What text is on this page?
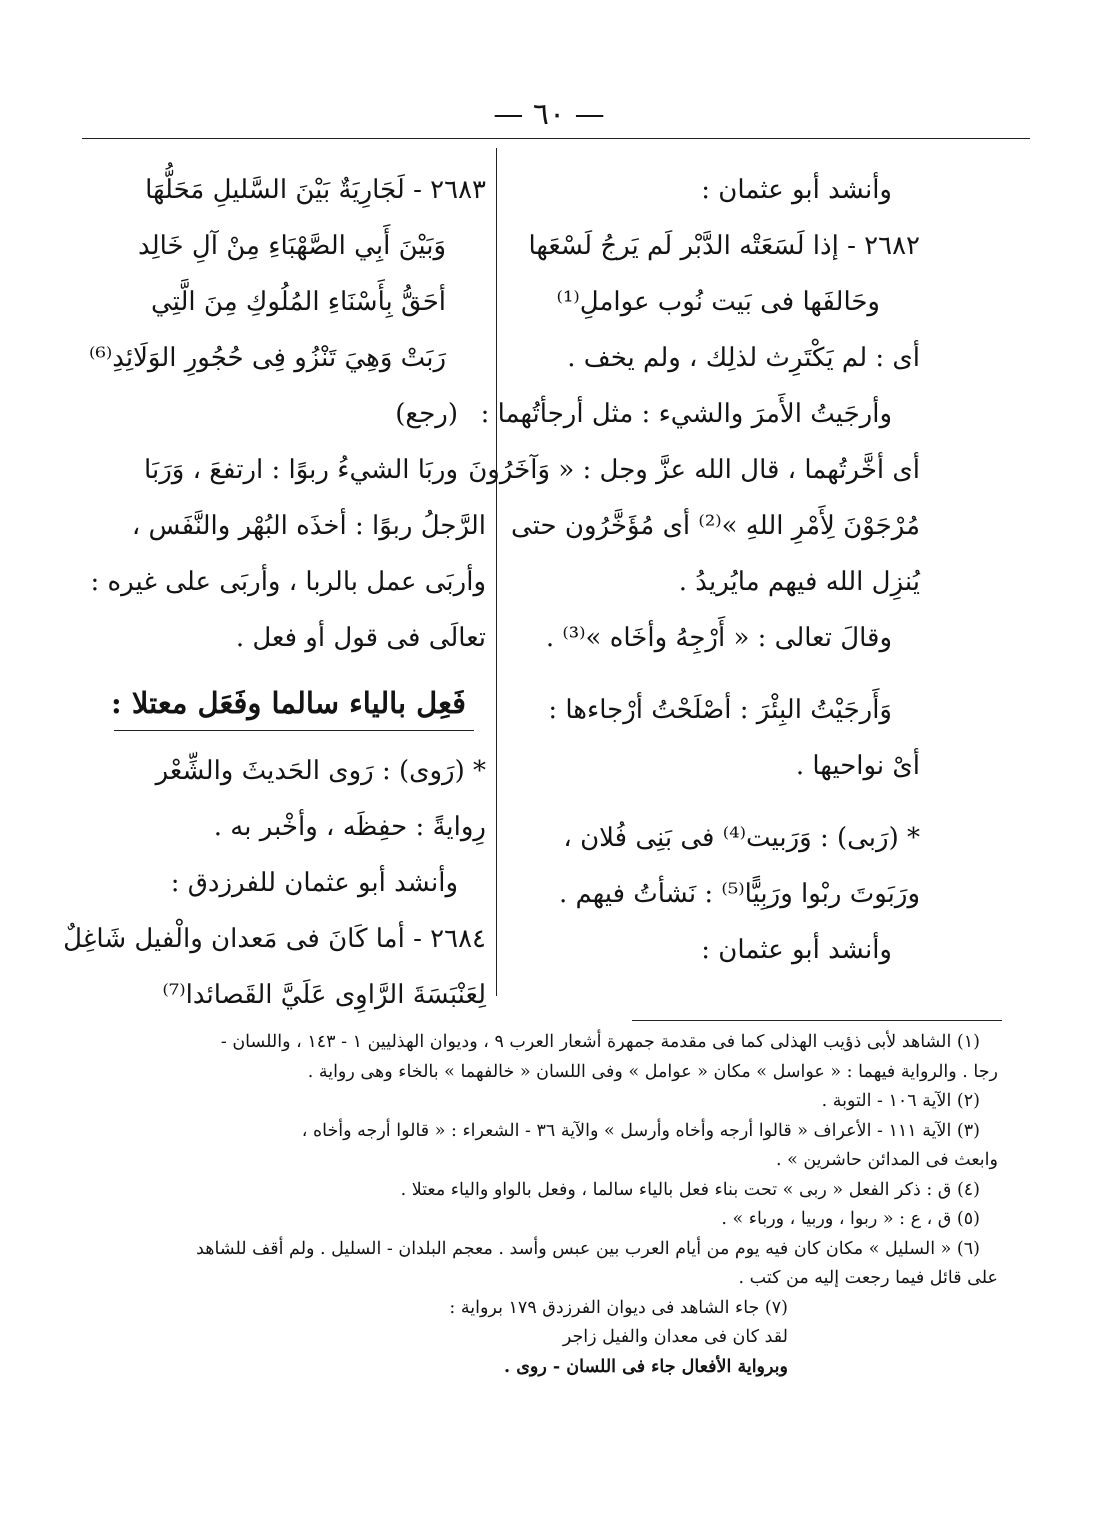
— ٦٠ —
وأنشد أبو عثمان :
٢٦٨٢ - إذا لَسَعَتْه الدَّبْر لَم يَرجُ لَسْعَها
وحَالفَها فى بَيت نُوب عواملِ⁽¹⁾
أى : لم يَكْتَرِث لذلِك ، ولم يخف .
وأرجَيتُ الأَمرَ والشيء : مثل أرجأتُهما :
أى أخَّرتُهما ، قال الله عزَّ وجل : « وَآخَرُونَ
مُرْجَوْنَ لِأَمْرِ اللهِ »⁽²⁾ أى مُؤَخَّرُون حتى
يُنزِل الله فيهم مايُريدُ .
وقالَ تعالى : « أَرْجِهُ وأخَاه »⁽³⁾ .
وَأَرجَيْتُ البِئْرَ : أصْلَحْتُ أرْجاءها :
أىْ نواحيها .
* (رَبى) : وَرَبيت⁽⁴⁾ فى بَنِى فُلان ،
ورَبَوتَ ربْوا ورَبِيًّا⁽⁵⁾ : نَشأتُ فيهم .
وأنشد أبو عثمان :
٢٦٨٣ - لَجَارِيَةٌ بَيْنَ السَّليلِ مَحَلُّهَا
وَبَيْنَ أَبِي الصَّهْبَاءِ مِنْ آلِ خَالِد
أحَقُّ بِأَسْنَاءِ المُلُوكِ مِنَ الَّتِي
رَبَتْ وَهِيَ تَنْزُو فِى حُجُورِ الوَلَائِدِ⁽⁶⁾
(رجع)
وربَا الشيءُ ربوًا : ارتفعَ ، وَرَبَا
الرَّجلُ ربوًا : أخذَه البُهْر والنَّفَس ،
وأربَى عمل بالربا ، وأربَى على غيره :
تعالَى فى قول أو فعل .
فَعِل بالياء سالما وفَعَل معتلا :
* (رَوى) : رَوى الحَديثَ والشِّعْر
رِوايةً : حفِظَه ، وأخْبر به .
وأنشد أبو عثمان للفرزدق :
٢٦٨٤ - أما كَانَ فى مَعدان والْفيل شَاغِلٌ
لِعَنْبَسَةَ الرَّاوِى عَلَيَّ القَصائدا⁽⁷⁾
(١) الشاهد لأبى ذؤيب الهذلى كما فى مقدمة جمهرة أشعار العرب ٩ ، وديوان الهذليين ١ - ١٤٣ ، واللسان -
رجا . والرواية فيهما : « عواسل » مكان « عوامل » وفى اللسان « خالفهما » بالخاء وهى رواية .
(٢) الآية ١٠٦ - التوبة .
(٣) الآية ١١١ - الأعراف « قالوا أرجه وأخاه وأرسل » والآية ٣٦ - الشعراء : « قالوا أرجه وأخاه ،
وابعث فى المدائن حاشرين » .
(٤) ق : ذكر الفعل « ربى » تحت بناء فعل بالياء سالما ، وفعل بالواو والياء معتلا .
(٥) ق ، ع : « ربوا ، وربيا ، ورباء » .
(٦) « السليل » مكان كان فيه يوم من أيام العرب بين عبس وأسد . معجم البلدان - السليل . ولم أقف للشاهد
على قائل فيما رجعت إليه من كتب .
(٧) جاء الشاهد فى ديوان الفرزدق ١٧٩ برواية :
لقد كان فى معدان والفيل زاجر
وبرواية الأفعال جاء فى اللسان - روى .
